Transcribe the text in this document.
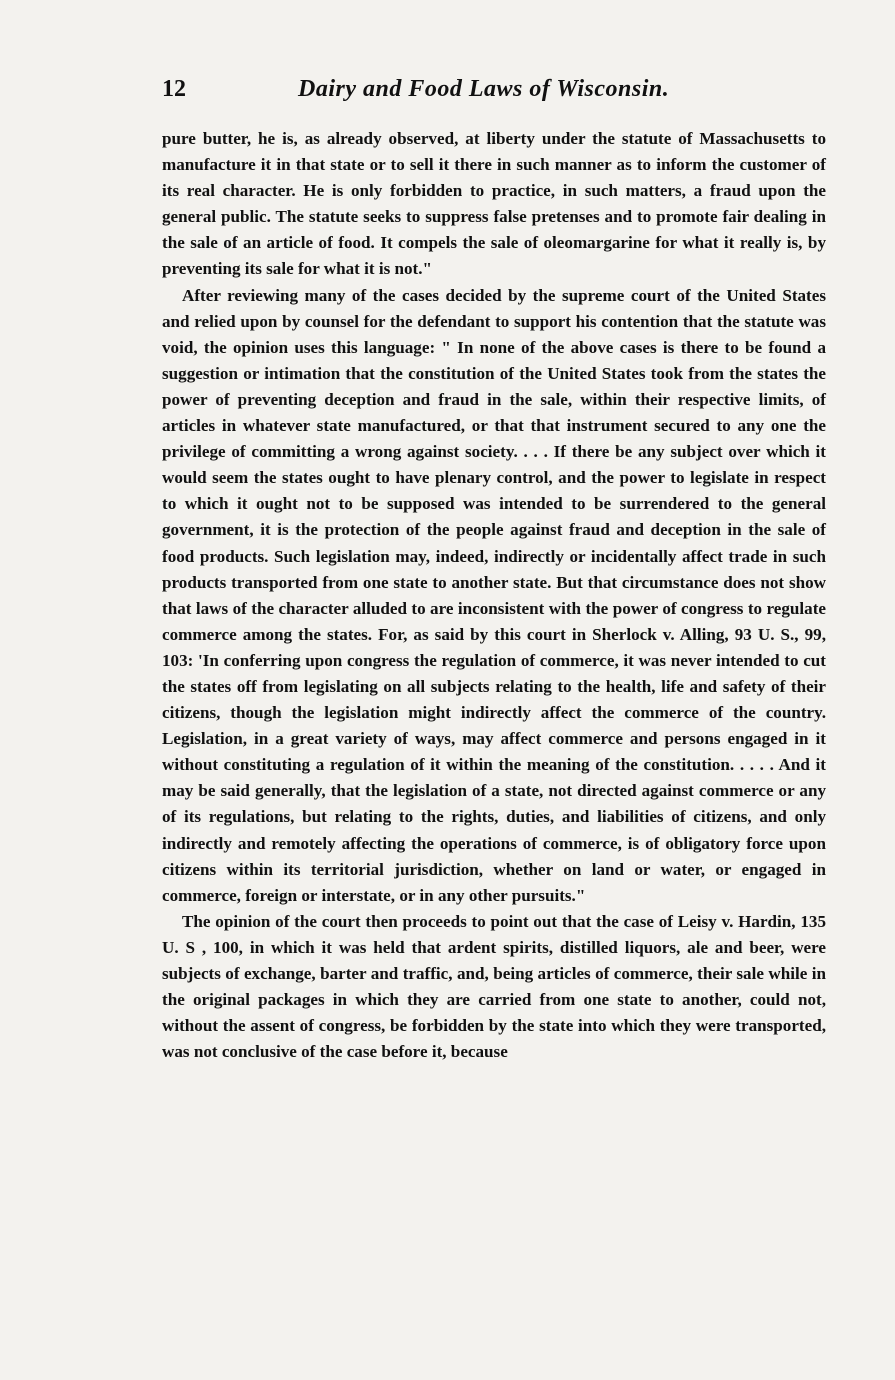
12	Dairy and Food Laws of Wisconsin.

pure butter, he is, as already observed, at liberty under the statute of Massachusetts to manufacture it in that state or to sell it there in such manner as to inform the customer of its real character. He is only forbidden to practice, in such matters, a fraud upon the general public. The statute seeks to suppress false pretenses and to promote fair dealing in the sale of an article of food. It compels the sale of oleomargarine for what it really is, by preventing its sale for what it is not."

After reviewing many of the cases decided by the supreme court of the United States and relied upon by counsel for the defendant to support his contention that the statute was void, the opinion uses this language: " In none of the above cases is there to be found a suggestion or intimation that the constitution of the United States took from the states the power of preventing deception and fraud in the sale, within their respective limits, of articles in whatever state manufactured, or that that instrument secured to any one the privilege of committing a wrong against society. . . . If there be any subject over which it would seem the states ought to have plenary control, and the power to legislate in respect to which it ought not to be supposed was intended to be surrendered to the general government, it is the protection of the people against fraud and deception in the sale of food products. Such legislation may, indeed, indirectly or incidentally affect trade in such products transported from one state to another state. But that circumstance does not show that laws of the character alluded to are inconsistent with the power of congress to regulate commerce among the states. For, as said by this court in Sherlock v. Alling, 93 U. S., 99, 103: 'In conferring upon congress the regulation of commerce, it was never intended to cut the states off from legislating on all subjects relating to the health, life and safety of their citizens, though the legislation might indirectly affect the commerce of the country. Legislation, in a great variety of ways, may affect commerce and persons engaged in it without constituting a regulation of it within the meaning of the constitution. . . . . And it may be said generally, that the legislation of a state, not directed against commerce or any of its regulations, but relating to the rights, duties, and liabilities of citizens, and only indirectly and remotely affecting the operations of commerce, is of obligatory force upon citizens within its territorial jurisdiction, whether on land or water, or engaged in commerce, foreign or interstate, or in any other pursuits."

The opinion of the court then proceeds to point out that the case of Leisy v. Hardin, 135 U. S , 100, in which it was held that ardent spirits, distilled liquors, ale and beer, were subjects of exchange, barter and traffic, and, being articles of commerce, their sale while in the original packages in which they are carried from one state to another, could not, without the assent of congress, be forbidden by the state into which they were transported, was not conclusive of the case before it, because
